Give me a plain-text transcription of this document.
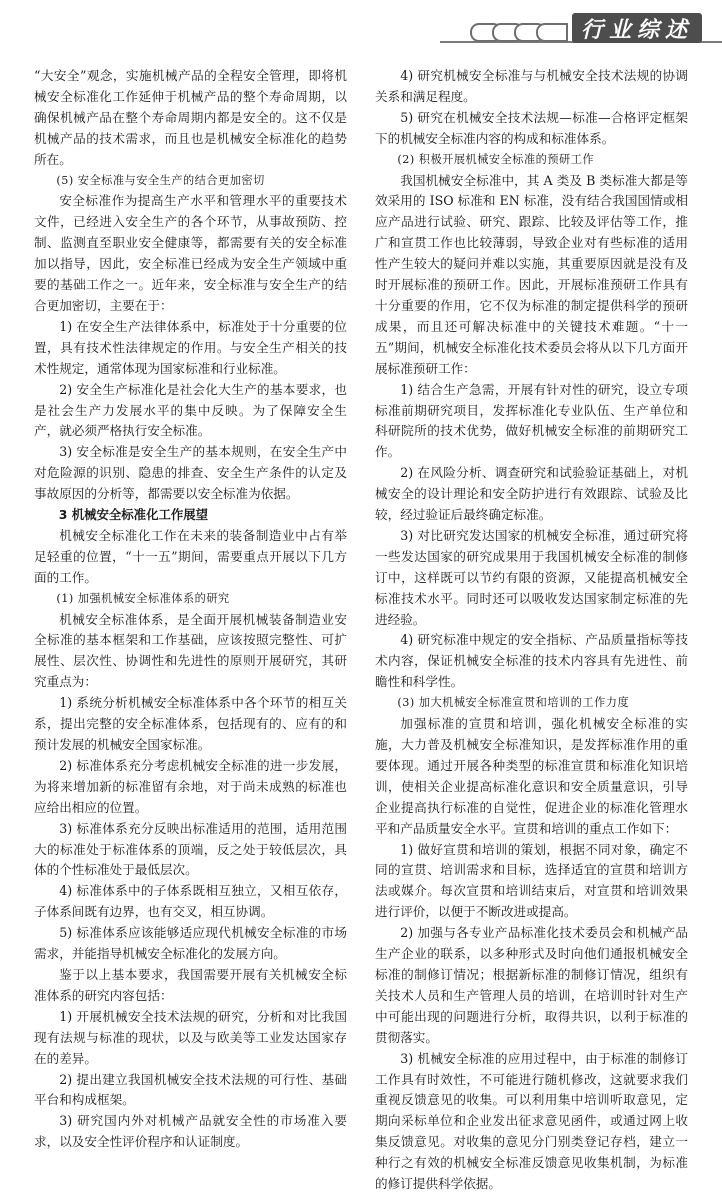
行业综述

“大安全”观念，实施机械产品的全程安全管理，即将机械安全标准化工作延伸于机械产品的整个寿命周期，以确保机械产品在整个寿命周期内都是安全的。这不仅是机械产品的技术需求，而且也是机械安全标准化的趋势所在。

(5) 安全标准与安全生产的结合更加密切

安全标准作为提高生产水平和管理水平的重要技术文件，已经进入安全生产的各个环节，从事故预防、控制、监测直至职业安全健康等，都需要有关的安全标准加以指导，因此，安全标准已经成为安全生产领域中重要的基础工作之一。近年来，安全标准与安全生产的结合更加密切，主要在于：

1) 在安全生产法律体系中，标准处于十分重要的位置，具有技术性法律规定的作用。与安全生产相关的技术性规定，通常体现为国家标准和行业标准。

2) 安全生产标准化是社会化大生产的基本要求，也是社会生产力发展水平的集中反映。为了保障安全生产，就必须严格执行安全标准。

3) 安全标准是安全生产的基本规则，在安全生产中对危险源的识别、隐患的排查、安全生产条件的认定及事故原因的分析等，都需要以安全标准为依据。

3 机械安全标准化工作展望

机械安全标准化工作在未来的装备制造业中占有举足轻重的位置，“十一五”期间，需要重点开展以下几方面的工作。

(1) 加强机械安全标准体系的研究

机械安全标准体系，是全面开展机械装备制造业安全标准的基本框架和工作基础，应该按照完整性、可扩展性、层次性、协调性和先进性的原则开展研究，其研究重点为：

1) 系统分析机械安全标准体系中各个环节的相互关系，提出完整的安全标准体系，包括现有的、应有的和预计发展的机械安全国家标准。

2) 标准体系充分考虑机械安全标准的进一步发展，为将来增加新的标准留有余地，对于尚未成熟的标准也应给出相应的位置。

3) 标准体系充分反映出标准适用的范围，适用范围大的标准处于标准体系的顶端，反之处于较低层次，具体的个性标准处于最低层次。

4) 标准体系中的子体系既相互独立，又相互依存，子体系间既有边界，也有交叉，相互协调。

5) 标准体系应该能够适应现代机械安全标准的市场需求，并能指导机械安全标准化的发展方向。

鉴于以上基本要求，我国需要开展有关机械安全标准体系的研究内容包括：

1) 开展机械安全技术法规的研究，分析和对比我国现有法规与标准的现状，以及与欧美等工业发达国家存在的差异。

2) 提出建立我国机械安全技术法规的可行性、基础平台和构成框架。

3) 研究国内外对机械产品就安全性的市场准入要求，以及安全性评价程序和认证制度。

4) 研究机械安全标准与与机械安全技术法规的协调关系和满足程度。

5) 研究在机械安全技术法规—标准—合格评定框架下的机械安全标准内容的构成和标准体系。

(2) 积极开展机械安全标准的预研工作

我国机械安全标准中，其 A 类及 B 类标准大都是等效采用的 ISO 标准和 EN 标准，没有结合我国国情或相应产品进行试验、研究、跟踪、比较及评估等工作，推广和宣贯工作也比较薄弱，导致企业对有些标准的适用性产生较大的疑问并难以实施，其重要原因就是没有及时开展标准的预研工作。因此，开展标准预研工作具有十分重要的作用，它不仅为标准的制定提供科学的预研成果，而且还可解决标准中的关键技术难题。“十一五”期间，机械安全标准化技术委员会将从以下几方面开展标准预研工作：

1) 结合生产急需，开展有针对性的研究，设立专项标准前期研究项目，发挥标准化专业队伍、生产单位和科研院所的技术优势，做好机械安全标准的前期研究工作。

2) 在风险分析、调查研究和试验验证基础上，对机械安全的设计理论和安全防护进行有效跟踪、试验及比较，经过验证后最终确定标准。

3) 对比研究发达国家的机械安全标准，通过研究将一些发达国家的研究成果用于我国机械安全标准的制修订中，这样既可以节约有限的资源，又能提高机械安全标准技术水平。同时还可以吸收发达国家制定标准的先进经验。

4) 研究标准中规定的安全指标、产品质量指标等技术内容，保证机械安全标准的技术内容具有先进性、前瞻性和科学性。

(3) 加大机械安全标准宣贯和培训的工作力度

加强标准的宣贯和培训，强化机械安全标准的实施，大力普及机械安全标准知识，是发挥标准作用的重要体现。通过开展各种类型的标准宣贯和标准化知识培训，使相关企业提高标准化意识和安全质量意识，引导企业提高执行标准的自觉性，促进企业的标准化管理水平和产品质量安全水平。宣贯和培训的重点工作如下：

1) 做好宣贯和培训的策划，根据不同对象，确定不同的宣贯、培训需求和目标，选择适宜的宣贯和培训方法或媒介。每次宣贯和培训结束后，对宣贯和培训效果进行评价，以便于不断改进或提高。

2) 加强与各专业产品标准化技术委员会和机械产品生产企业的联系，以多种形式及时向他们通报机械安全标准的制修订情况；根据新标准的制修订情况，组织有关技术人员和生产管理人员的培训，在培训时针对生产中可能出现的问题进行分析，取得共识，以利于标准的贯彻落实。

3) 机械安全标准的应用过程中，由于标准的制修订工作具有时效性，不可能进行随机修改，这就要求我们重视反馈意见的收集。可以利用集中培训听取意见，定期向采标单位和企业发出征求意见函件，或通过网上收集反馈意见。对收集的意见分门别类登记存档，建立一种行之有效的机械安全标准反馈意见收集机制，为标准的修订提供科学依据。
